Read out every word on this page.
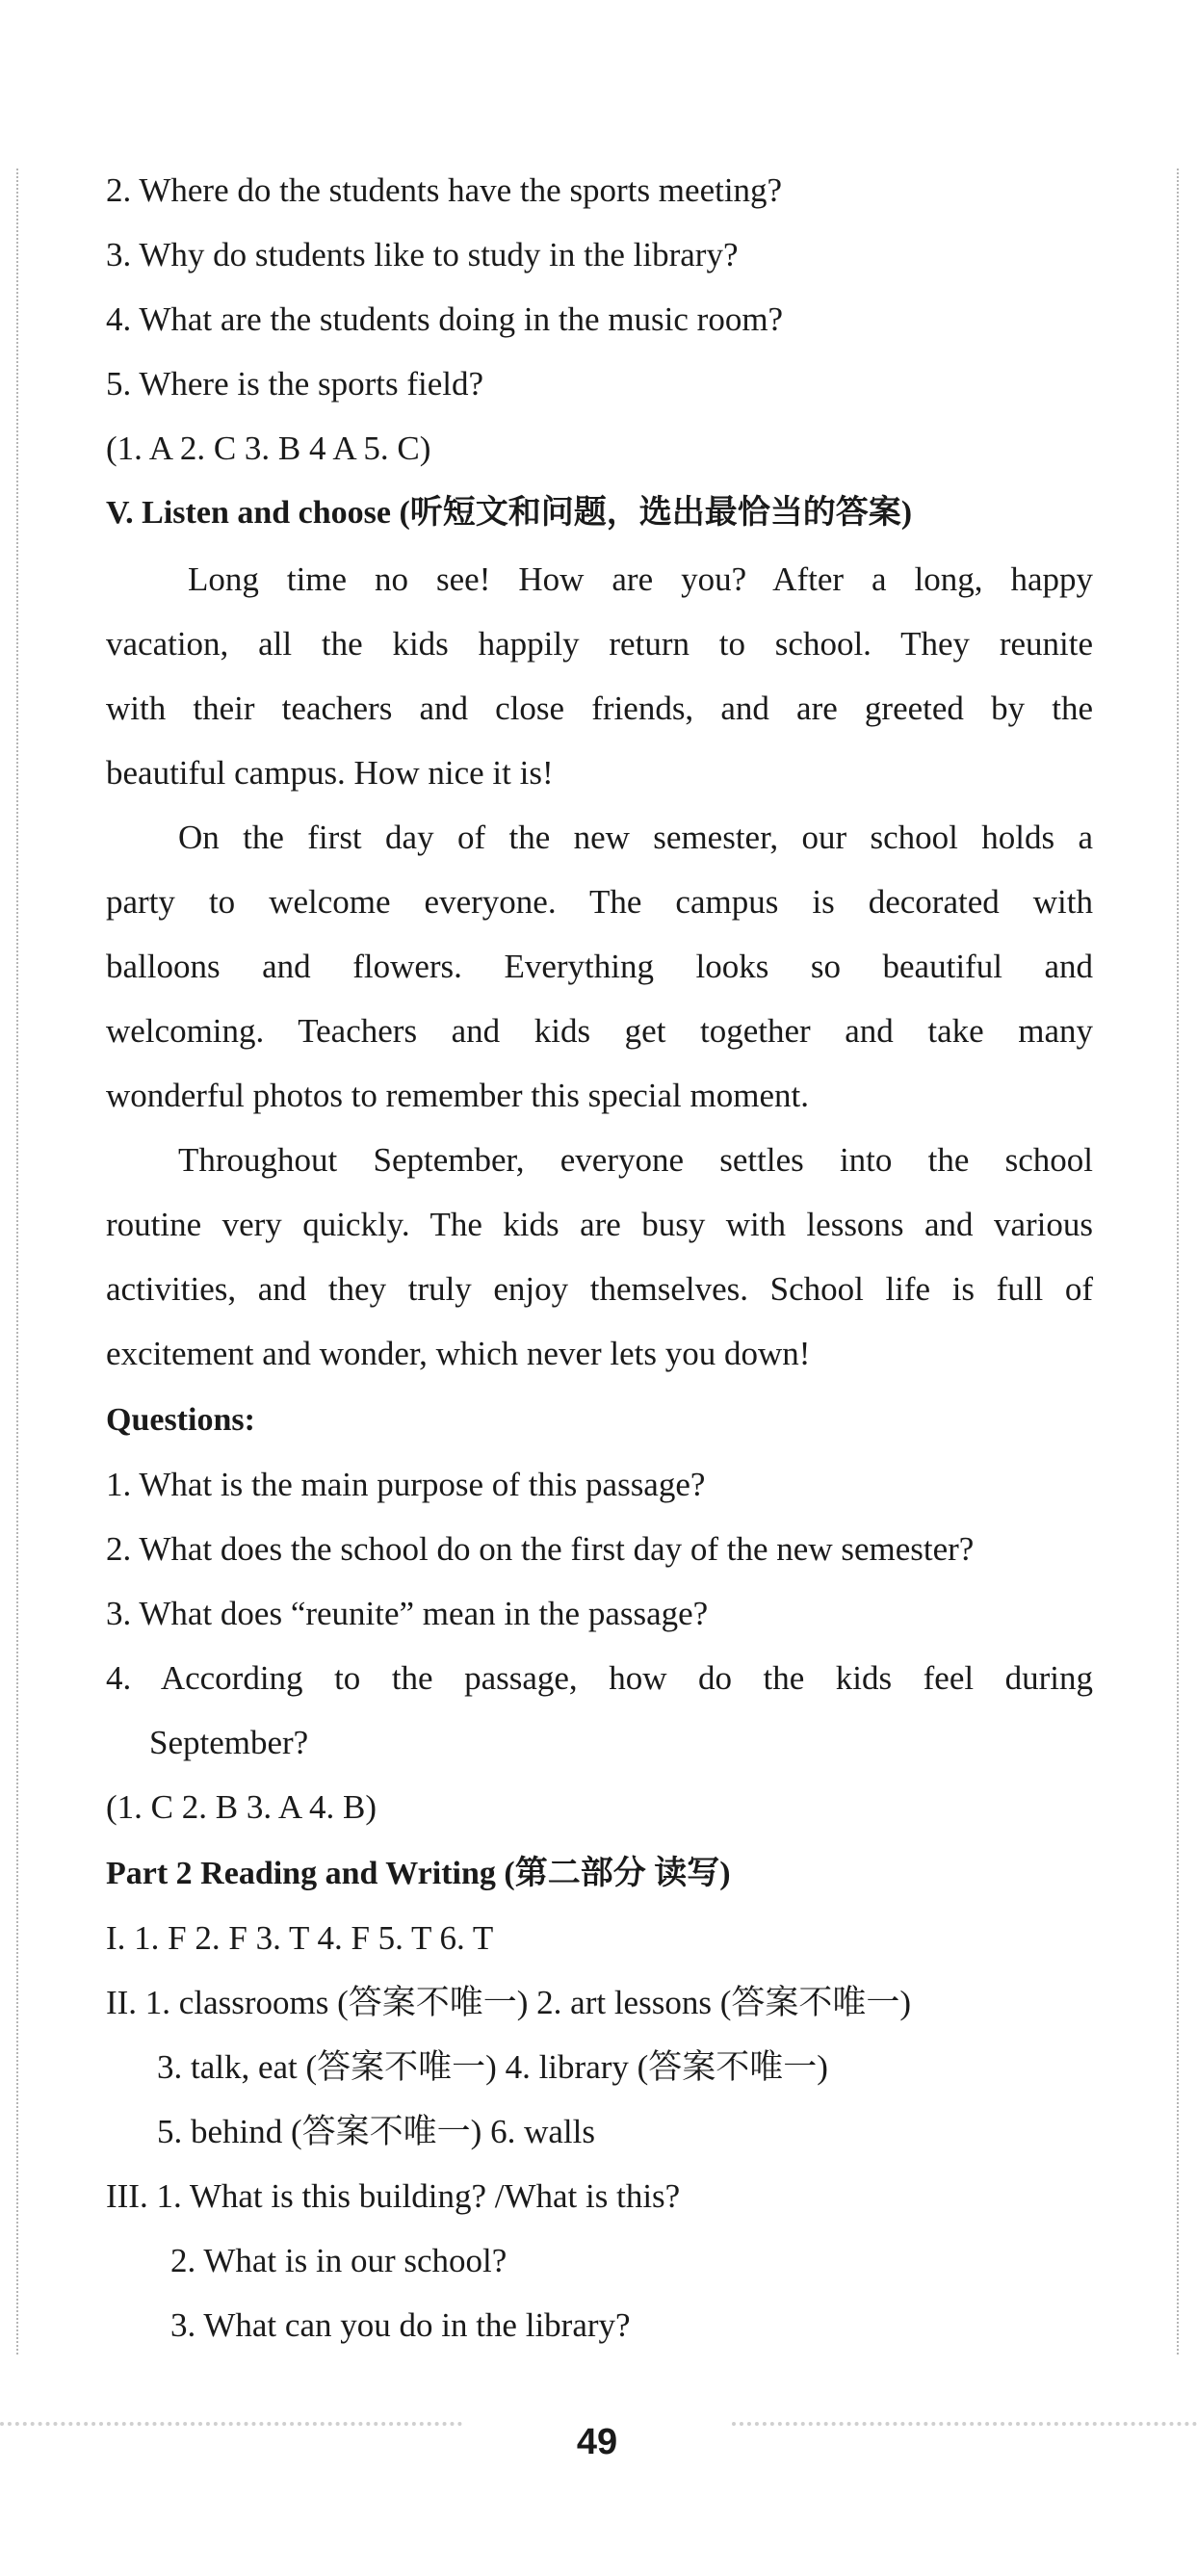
2. Where do the students have the sports meeting?
3. Why do students like to study in the library?
4. What are the students doing in the music room?
5. Where is the sports field?
(1. A 2. C 3. B 4 A 5. C)
V. Listen and choose (听短文和问题，选出最恰当的答案)
Long time no see! How are you? After a long, happy
vacation, all the kids happily return to school. They reunite
with their teachers and close friends, and are greeted by the
beautiful campus. How nice it is!
On the first day of the new semester, our school holds a
party to welcome everyone. The campus is decorated with
balloons and flowers. Everything looks so beautiful and
welcoming. Teachers and kids get together and take many
wonderful photos to remember this special moment.
Throughout September, everyone settles into the school
routine very quickly. The kids are busy with lessons and various
activities, and they truly enjoy themselves. School life is full of
excitement and wonder, which never lets you down!
Questions:
1. What is the main purpose of this passage?
2. What does the school do on the first day of the new semester?
3. What does “reunite” mean in the passage?
4. According to the passage, how do the kids feel during
September?
(1. C 2. B 3. A 4. B)
Part 2 Reading and Writing (第二部分 读写)
I. 1. F 2. F 3. T 4. F 5. T 6. T
II. 1. classrooms (答案不唯一) 2. art lessons (答案不唯一)
3. talk, eat (答案不唯一) 4. library (答案不唯一)
5. behind (答案不唯一) 6. walls
III. 1. What is this building? /What is this?
2. What is in our school?
3. What can you do in the library?
49
